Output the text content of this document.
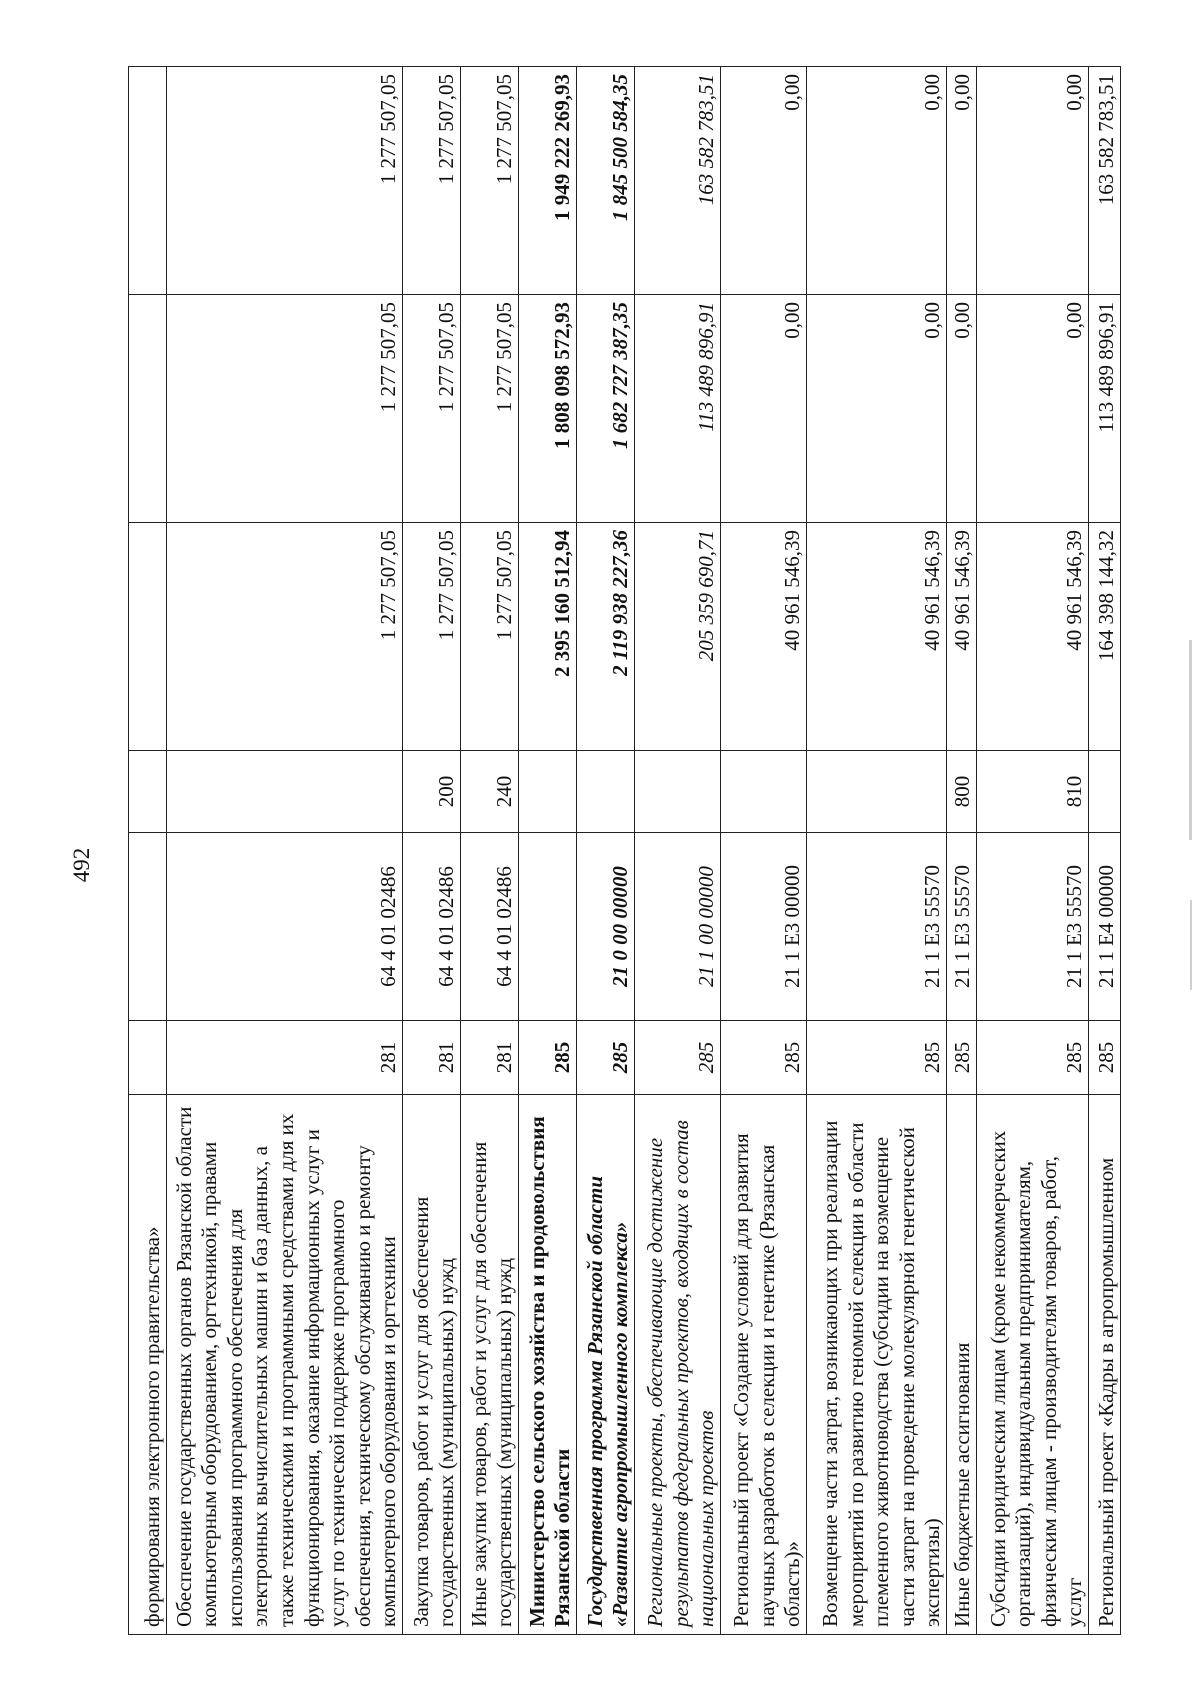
492
формирования электронного правительства»						
Обеспечение государственных органов Рязанской области компьютерным оборудованием, оргтехникой, правами использования программного обеспечения для электронных вычислительных машин и баз данных, а также техническими и программными средствами для их функционирования, оказание информационных услуг и услуг по технической поддержке программного обеспечения, техническому обслуживанию и ремонту компьютерного оборудования и оргтехники	281	64 4 01 02486		1 277 507,05	1 277 507,05	1 277 507,05
Закупка товаров, работ и услуг для обеспечения государственных (муниципальных) нужд	281	64 4 01 02486	200	1 277 507,05	1 277 507,05	1 277 507,05
Иные закупки товаров, работ и услуг для обеспечения государственных (муниципальных) нужд	281	64 4 01 02486	240	1 277 507,05	1 277 507,05	1 277 507,05
Министерство сельского хозяйства и продовольствия Рязанской области	285			2 395 160 512,94	1 808 098 572,93	1 949 222 269,93
Государственная программа Рязанской области «Развитие агропромышленного комплекса»	285	21 0 00 00000		2 119 938 227,36	1 682 727 387,35	1 845 500 584,35
Региональные проекты, обеспечивающие достижение результатов федеральных проектов, входящих в состав национальных проектов	285	21 1 00 00000		205 359 690,71	113 489 896,91	163 582 783,51
Региональный проект «Создание условий для развития научных разработок в селекции и генетике (Рязанская область)»	285	21 1 E3 00000		40 961 546,39	0,00	0,00
Возмещение части затрат, возникающих при реализации мероприятий по развитию геномной селекции в области племенного животноводства (субсидии на возмещение части затрат на проведение молекулярной генетической экспертизы)	285	21 1 E3 55570		40 961 546,39	0,00	0,00
Иные бюджетные ассигнования	285	21 1 E3 55570	800	40 961 546,39	0,00	0,00
Субсидии юридическим лицам (кроме некоммерческих организаций), индивидуальным предпринимателям, физическим лицам - производителям товаров, работ, услуг	285	21 1 E3 55570	810	40 961 546,39	0,00	0,00
Региональный проект «Кадры в агропромышленном	285	21 1 E4 00000		164 398 144,32	113 489 896,91	163 582 783,51
